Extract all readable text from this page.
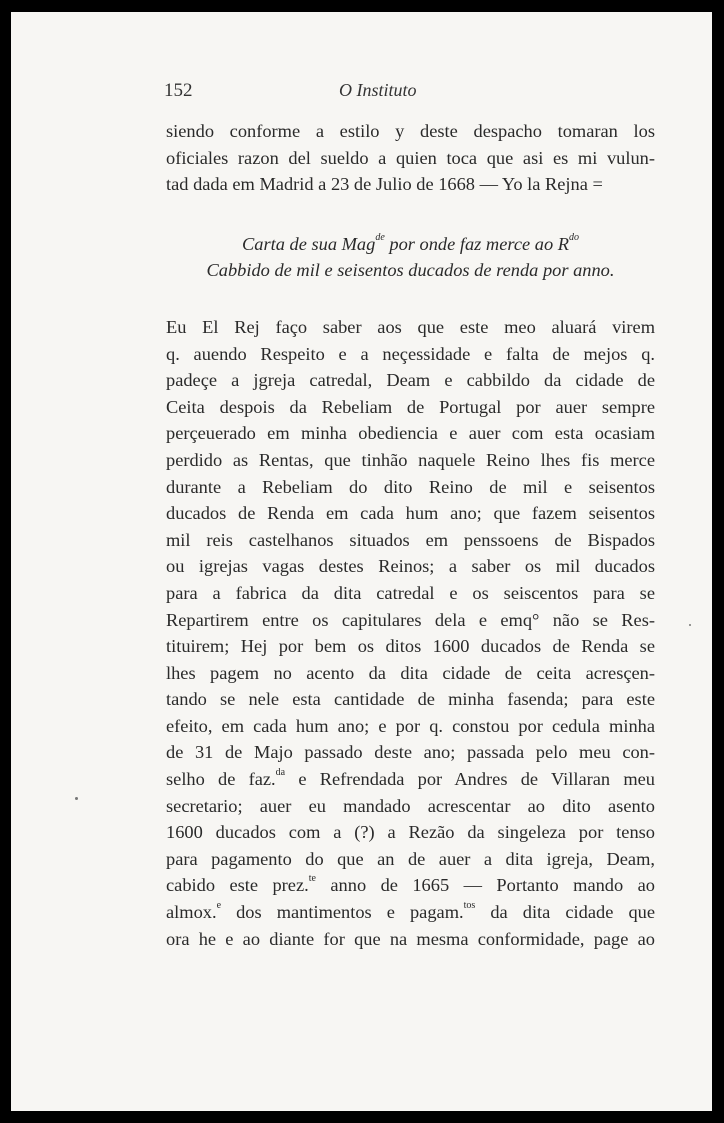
152	O Instituto
siendo conforme a estilo y deste despacho tomaran los
oficiales razon del sueldo a quien toca que asi es mi vulun-
tad dada em Madrid a 23 de Julio de 1668 — Yo la Rejna =
Carta de sua Mag$^{de}$ por onde faz merce ao $R^{do}$
Cabbido de mil e seisentos ducados de renda por anno.
Eu El Rej faço saber aos que este meo aluará virem
q. auendo Respeito e a neçessidade e falta de mejos q.
padeçe a jgreja catredal, Deam e cabbildo da cidade de
Ceita despois da Rebeliam de Portugal por auer sempre
perçeuerado em minha obediencia e auer com esta ocasiam
perdido as Rentas, que tinhão naquele Reino lhes fis merce
durante a Rebeliam do dito Reino de mil e seisentos
ducados de Renda em cada hum ano; que fazem seisentos
mil reis castelhanos situados em penssoens de Bispados
ou igrejas vagas destes Reinos; a saber os mil ducados
para a fabrica da dita catredal e os seiscentos para se
Repartirem entre os capitulares dela e emq° não se Res-
tituirem; Hej por bem os ditos 1600 ducados de Renda se
lhes pagem no acento da dita cidade de ceita acresçen-
tando se nele esta cantidade de minha fasenda; para este
efeito, em cada hum ano; e por q. constou por cedula minha
de 31 de Majo passado deste ano; passada pelo meu con-
selho de faz.$^{da}$ e Refrendada por Andres de Villaran meu
secretario; auer eu mandado acrescentar ao dito asento
1600 ducados com a (?) a Rezão da singeleza por tenso
para pagamento do que an de auer a dita igreja, Deam,
cabido este prez.$^{te}$ anno de 1665 — Portanto mando ao
almox.$^e$ dos mantimentos e pagam.$^{tos}$ da dita cidade que
ora he e ao diante for que na mesma conformidade, page ao
